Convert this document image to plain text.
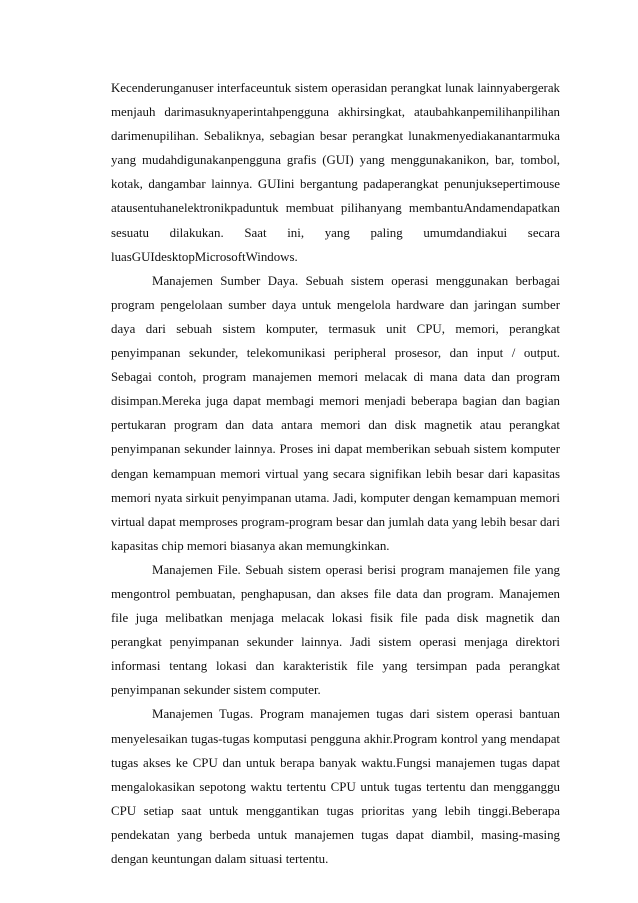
Kecenderunganuser interfaceuntuk sistem operasidan perangkat lunak lainnyabergerak menjauh darimasuknyaperintahpengguna akhirsingkat, ataubahkanpemilihanpilihan darimenupilihan. Sebaliknya, sebagian besar perangkat lunakmenyediakanantarmuka yang mudahdigunakanpengguna grafis (GUI) yang menggunakanikon, bar, tombol, kotak, dangambar lainnya. GUIini bergantung padaperangkat penunjuksepertimouse atausentuhanelektronikpaduntuk membuat pilihanyang membantuAndamendapatkan sesuatu dilakukan. Saat ini, yang paling umumdandiakui secara luasGUIdesktopMicrosoftWindows.

Manajemen Sumber Daya. Sebuah sistem operasi menggunakan berbagai program pengelolaan sumber daya untuk mengelola hardware dan jaringan sumber daya dari sebuah sistem komputer, termasuk unit CPU, memori, perangkat penyimpanan sekunder, telekomunikasi peripheral prosesor, dan input / output. Sebagai contoh, program manajemen memori melacak di mana data dan program disimpan.Mereka juga dapat membagi memori menjadi beberapa bagian dan bagian pertukaran program dan data antara memori dan disk magnetik atau perangkat penyimpanan sekunder lainnya. Proses ini dapat memberikan sebuah sistem komputer dengan kemampuan memori virtual yang secara signifikan lebih besar dari kapasitas memori nyata sirkuit penyimpanan utama. Jadi, komputer dengan kemampuan memori virtual dapat memproses program-program besar dan jumlah data yang lebih besar dari kapasitas chip memori biasanya akan memungkinkan.

Manajemen File. Sebuah sistem operasi berisi program manajemen file yang mengontrol pembuatan, penghapusan, dan akses file data dan program. Manajemen file juga melibatkan menjaga melacak lokasi fisik file pada disk magnetik dan perangkat penyimpanan sekunder lainnya. Jadi sistem operasi menjaga direktori informasi tentang lokasi dan karakteristik file yang tersimpan pada perangkat penyimpanan sekunder sistem computer.

Manajemen Tugas. Program manajemen tugas dari sistem operasi bantuan menyelesaikan tugas-tugas komputasi pengguna akhir.Program kontrol yang mendapat tugas akses ke CPU dan untuk berapa banyak waktu.Fungsi manajemen tugas dapat mengalokasikan sepotong waktu tertentu CPU untuk tugas tertentu dan mengganggu CPU setiap saat untuk menggantikan tugas prioritas yang lebih tinggi.Beberapa pendekatan yang berbeda untuk manajemen tugas dapat diambil, masing-masing dengan keuntungan dalam situasi tertentu.
